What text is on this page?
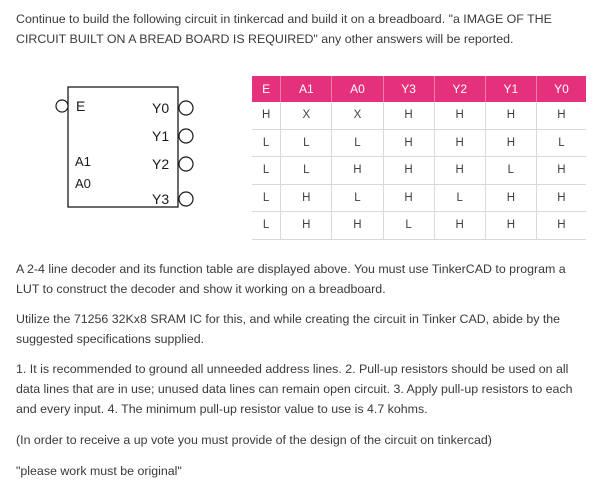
Continue to build the following circuit in tinkercad and build it on a breadboard. "a IMAGE OF THE CIRCUIT BUILT ON A BREAD BOARD IS REQUIRED" any other answers will be reported.

E
A1
A0
Y0
Y1
Y2
Y3
E	A1	A0	Y3	Y2	Y1	Y0
H	X	X	H	H	H	H
L	L	L	H	H	H	L
L	L	H	H	H	L	H
L	H	L	H	L	H	H
L	H	H	L	H	H	H

A 2-4 line decoder and its function table are displayed above. You must use TinkerCAD to program a LUT to construct the decoder and show it working on a breadboard.

Utilize the 71256 32Kx8 SRAM IC for this, and while creating the circuit in Tinker CAD, abide by the suggested specifications supplied.

1. It is recommended to ground all unneeded address lines. 2. Pull-up resistors should be used on all data lines that are in use; unused data lines can remain open circuit. 3. Apply pull-up resistors to each and every input. 4. The minimum pull-up resistor value to use is 4.7 kohms.

(In order to receive a up vote you must provide of the design of the circuit on tinkercad)

"please work must be original"
